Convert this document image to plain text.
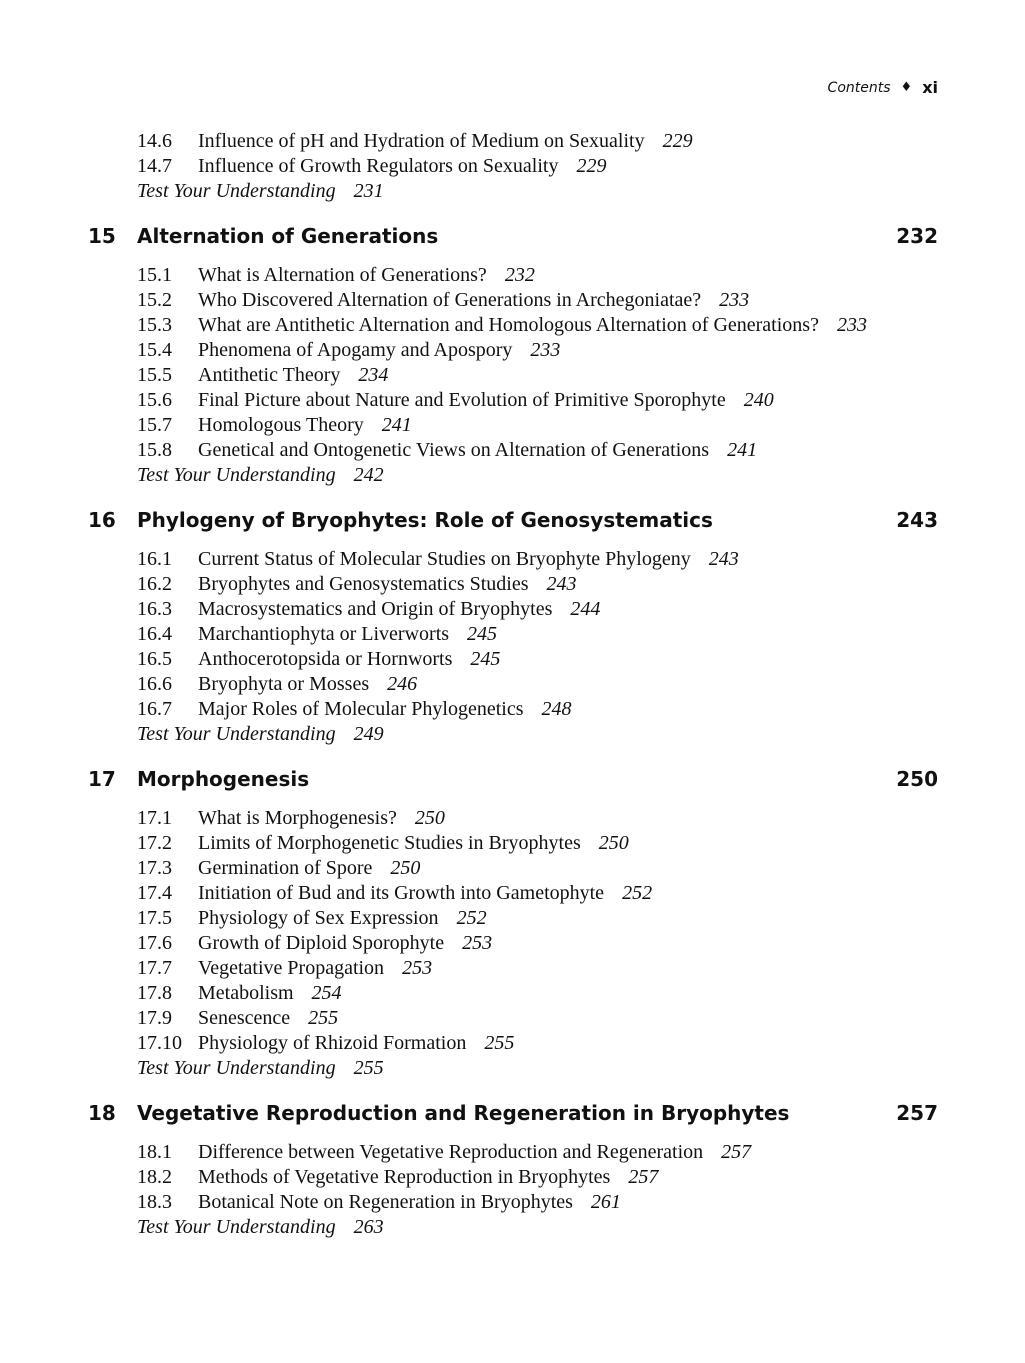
Contents ♦ xi
14.6 Influence of pH and Hydration of Medium on Sexuality 229
14.7 Influence of Growth Regulators on Sexuality 229
Test Your Understanding 231
15 Alternation of Generations	232
15.1 What is Alternation of Generations? 232
15.2 Who Discovered Alternation of Generations in Archegoniatae? 233
15.3 What are Antithetic Alternation and Homologous Alternation of Generations? 233
15.4 Phenomena of Apogamy and Apospory 233
15.5 Antithetic Theory 234
15.6 Final Picture about Nature and Evolution of Primitive Sporophyte 240
15.7 Homologous Theory 241
15.8 Genetical and Ontogenetic Views on Alternation of Generations 241
Test Your Understanding 242
16 Phylogeny of Bryophytes: Role of Genosystematics	243
16.1 Current Status of Molecular Studies on Bryophyte Phylogeny 243
16.2 Bryophytes and Genosystematics Studies 243
16.3 Macrosystematics and Origin of Bryophytes 244
16.4 Marchantiophyta or Liverworts 245
16.5 Anthocerotopsida or Hornworts 245
16.6 Bryophyta or Mosses 246
16.7 Major Roles of Molecular Phylogenetics 248
Test Your Understanding 249
17 Morphogenesis	250
17.1 What is Morphogenesis? 250
17.2 Limits of Morphogenetic Studies in Bryophytes 250
17.3 Germination of Spore 250
17.4 Initiation of Bud and its Growth into Gametophyte 252
17.5 Physiology of Sex Expression 252
17.6 Growth of Diploid Sporophyte 253
17.7 Vegetative Propagation 253
17.8 Metabolism 254
17.9 Senescence 255
17.10 Physiology of Rhizoid Formation 255
Test Your Understanding 255
18 Vegetative Reproduction and Regeneration in Bryophytes	257
18.1 Difference between Vegetative Reproduction and Regeneration 257
18.2 Methods of Vegetative Reproduction in Bryophytes 257
18.3 Botanical Note on Regeneration in Bryophytes 261
Test Your Understanding 263
